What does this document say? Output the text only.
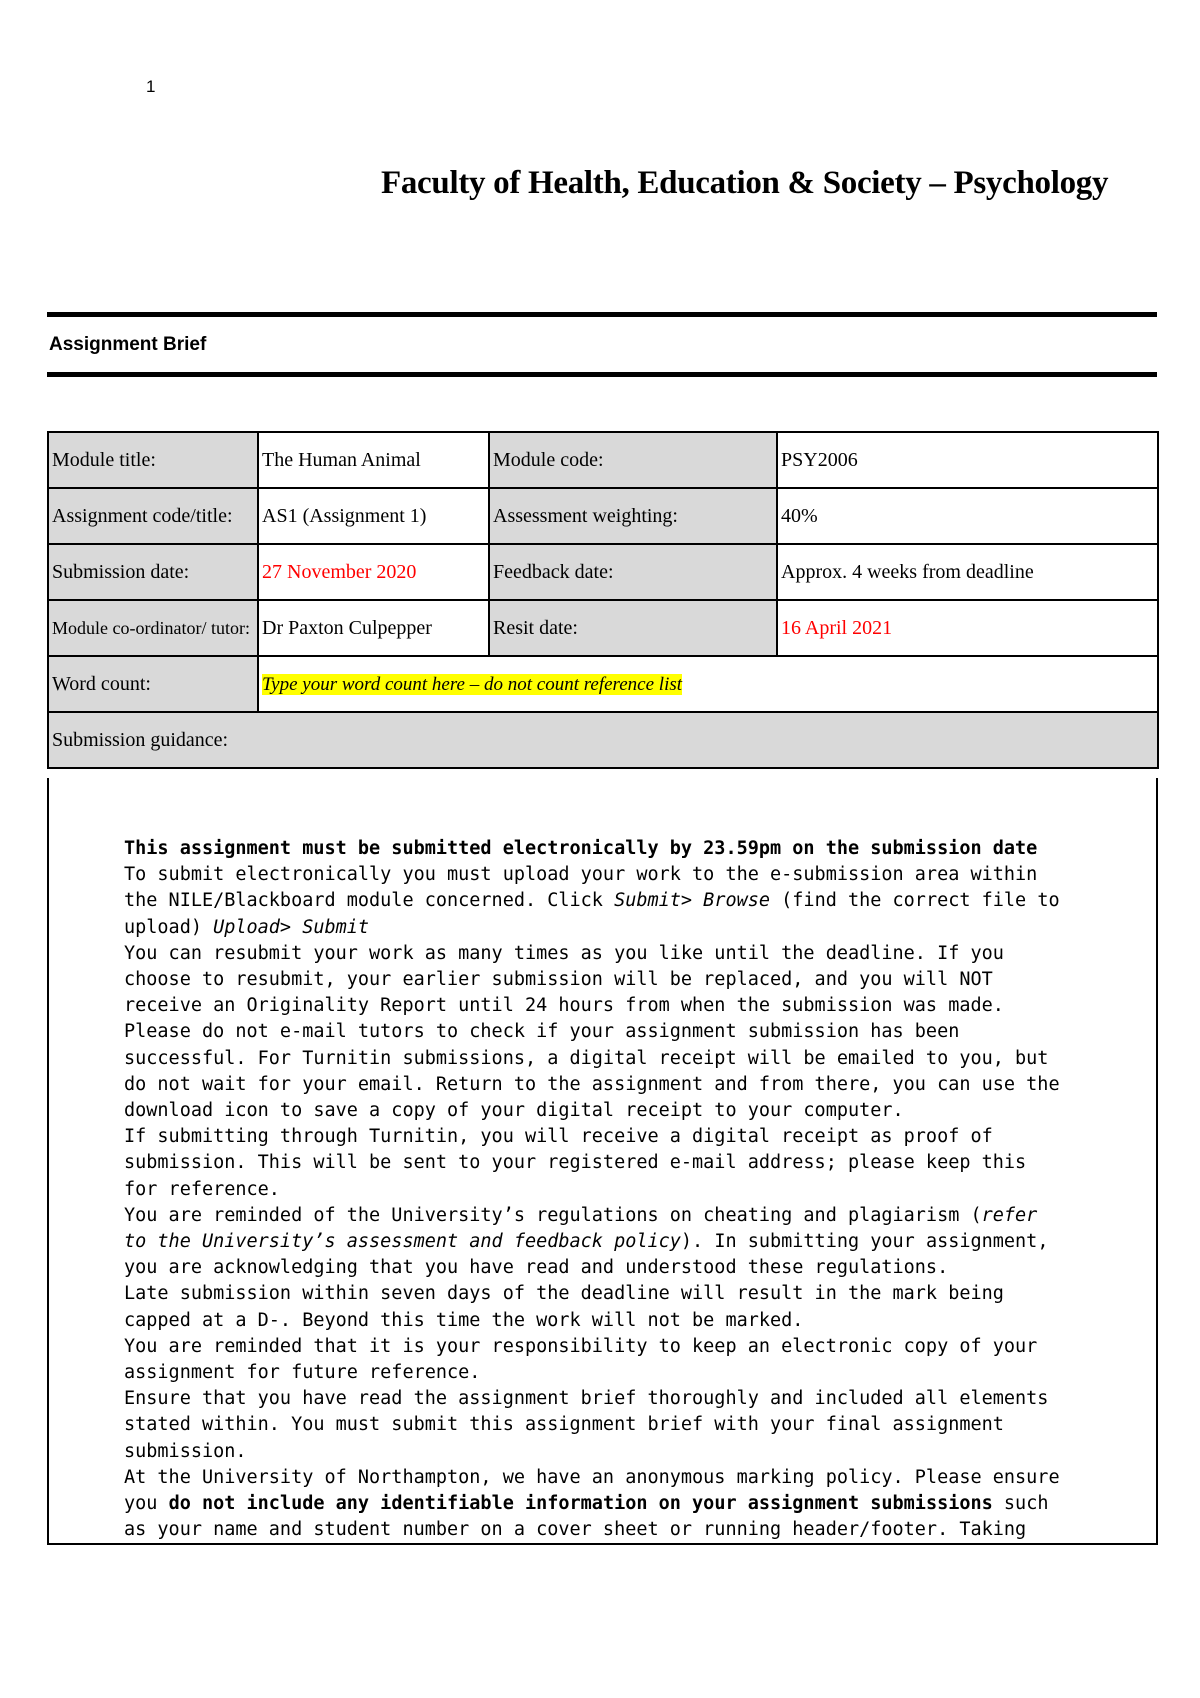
1
Faculty of Health, Education & Society – Psychology
Assignment Brief
Module title:	The Human Animal	Module code:	PSY2006
Assignment code/title:	AS1 (Assignment 1)	Assessment weighting:	40%
Submission date:	27 November 2020	Feedback date:	Approx. 4 weeks from deadline
Module co-ordinator/ tutor:	Dr Paxton Culpepper	Resit date:	16 April 2021
Word count:	Type your word count here – do not count reference list		
Submission guidance:			
This assignment must be submitted electronically by 23.59pm on the submission date
To submit electronically you must upload your work to the e-submission area within
the NILE/Blackboard module concerned. Click Submit> Browse (find the correct file to
upload) Upload> Submit
You can resubmit your work as many times as you like until the deadline. If you
choose to resubmit, your earlier submission will be replaced, and you will NOT
receive an Originality Report until 24 hours from when the submission was made.
Please do not e-mail tutors to check if your assignment submission has been
successful. For Turnitin submissions, a digital receipt will be emailed to you, but
do not wait for your email. Return to the assignment and from there, you can use the
download icon to save a copy of your digital receipt to your computer.
If submitting through Turnitin, you will receive a digital receipt as proof of
submission. This will be sent to your registered e-mail address; please keep this
for reference.
You are reminded of the University’s regulations on cheating and plagiarism (refer
to the University’s assessment and feedback policy). In submitting your assignment,
you are acknowledging that you have read and understood these regulations.
Late submission within seven days of the deadline will result in the mark being
capped at a D-. Beyond this time the work will not be marked.
You are reminded that it is your responsibility to keep an electronic copy of your
assignment for future reference.
Ensure that you have read the assignment brief thoroughly and included all elements
stated within. You must submit this assignment brief with your final assignment
submission.
At the University of Northampton, we have an anonymous marking policy. Please ensure
you do not include any identifiable information on your assignment submissions such
as your name and student number on a cover sheet or running header/footer. Taking
